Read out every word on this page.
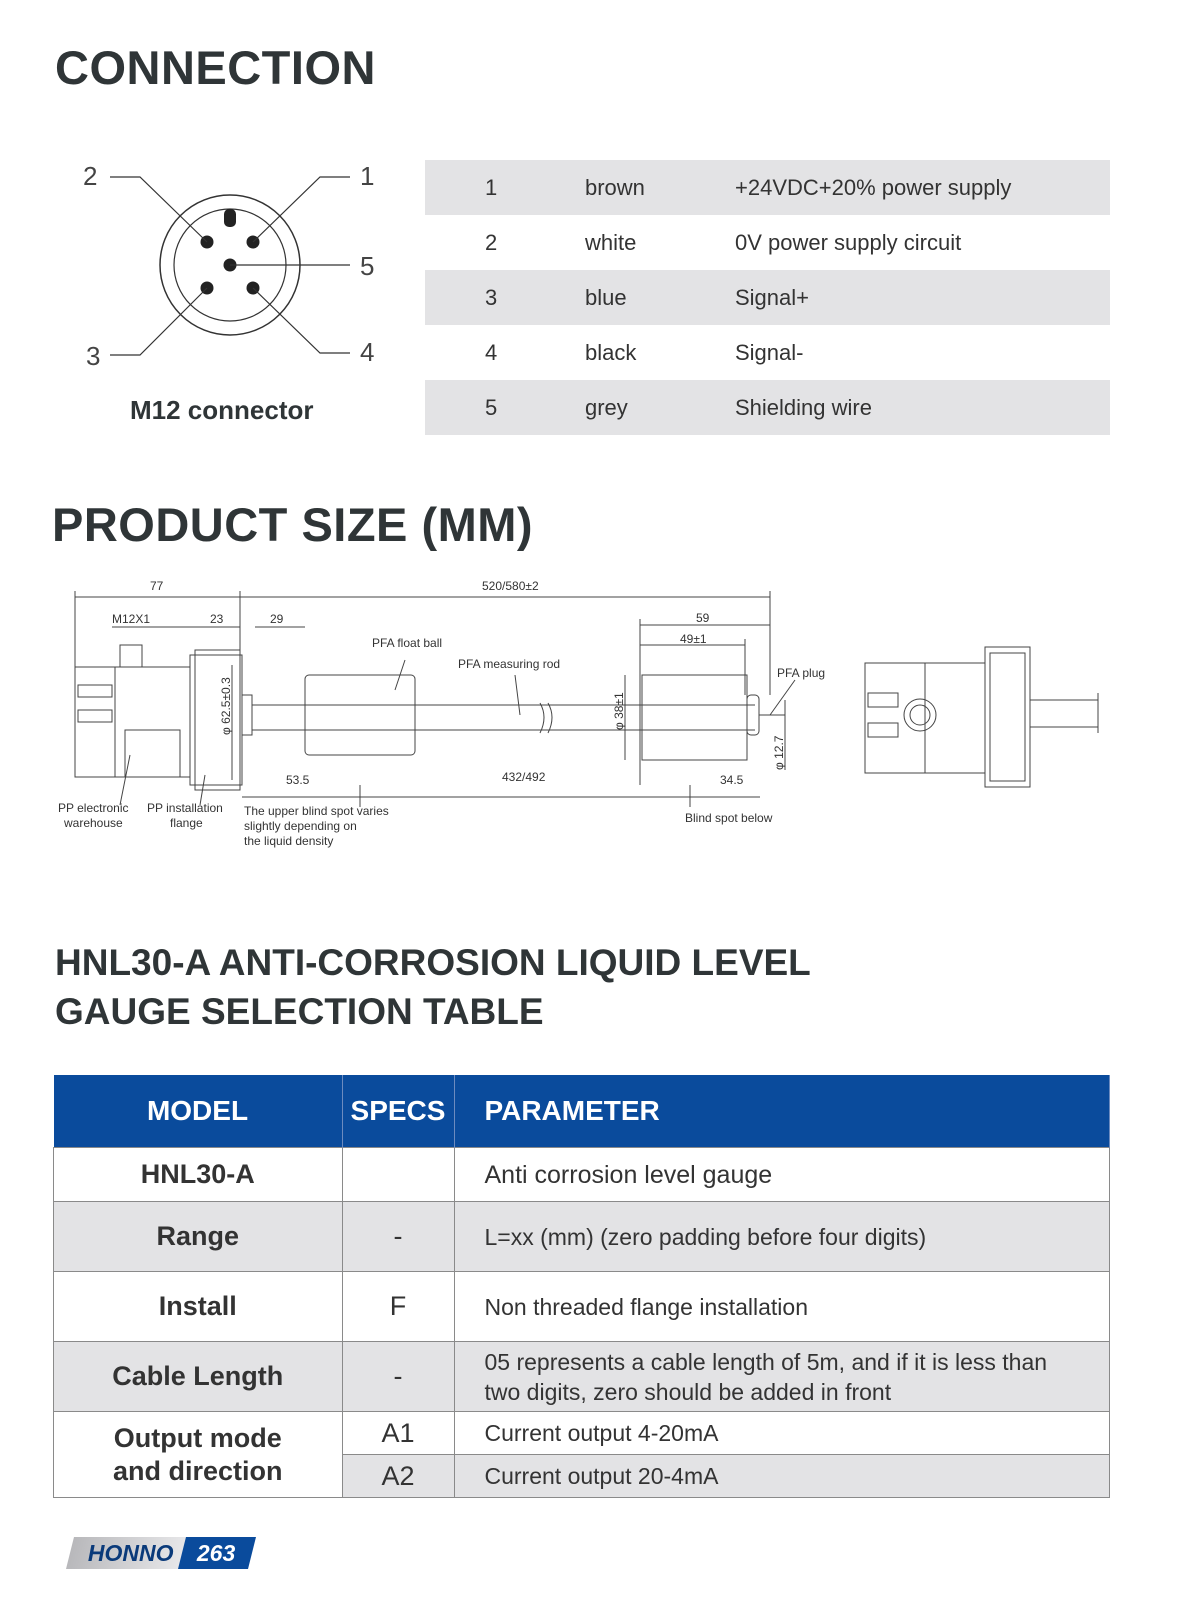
CONNECTION
2	1
5
3	4
M12 connector
1	brown	+24VDC+20% power supply
2	white	0V power supply circuit
3	blue	Signal+
4	black	Signal-
5	grey	Shielding wire
PRODUCT SIZE (MM)
77	520/580±2
M12X1	23	29	59
49±1
PFA float ball
PFA measuring rod
PFA plug
φ 62.5±0.3	φ 38±1
φ 12.7
53.5	432/492	34.5
PP electronic
warehouse
PP installation
flange
The upper blind spot varies
slightly depending on
the liquid density
Blind spot below
HNL30-A ANTI-CORROSION LIQUID LEVEL
GAUGE SELECTION TABLE
MODEL	SPECS	PARAMETER
HNL30-A		Anti corrosion level gauge
Range	-	L=xx (mm) (zero padding before four digits)
Install	F	Non threaded flange installation
Cable Length	-	05 represents a cable length of 5m, and if it is less than
two digits, zero should be added in front

Output mode
and direction	A1	Current output 4-20mA
	A2	Current output 20-4mA
HONNO 263
